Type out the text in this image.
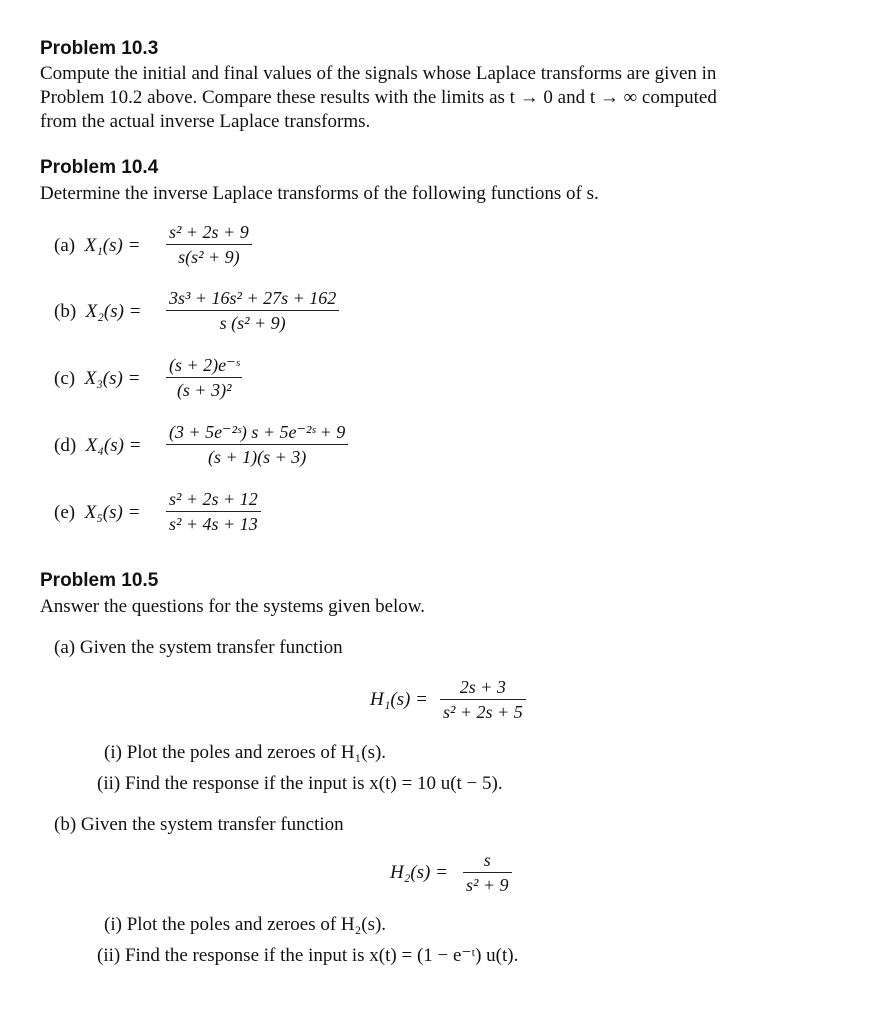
Problem 10.3
Compute the initial and final values of the signals whose Laplace transforms are given in
Problem 10.2 above. Compare these results with the limits as t → 0 and t → ∞ computed
from the actual inverse Laplace transforms.
Problem 10.4
Determine the inverse Laplace transforms of the following functions of s.
(a) X₁(s) =
s² + 2s + 9
s(s² + 9)
(b) X₂(s) =
3s³ + 16s² + 27s + 162
s (s² + 9)
(c) X₃(s) =
(s + 2)e⁻ˢ
(s + 3)²
(d) X₄(s) =
(3 + 5e⁻²ˢ) s + 5e⁻²ˢ + 9
(s + 1)(s + 3)
(e) X₅(s) =
s² + 2s + 12
s² + 4s + 13
Problem 10.5
Answer the questions for the systems given below.
(a) Given the system transfer function
H₁(s) =
2s + 3
s² + 2s + 5
(i) Plot the poles and zeroes of H₁(s).
(ii) Find the response if the input is x(t) = 10 u(t − 5).
(b) Given the system transfer function
H₂(s) =
s
s² + 9
(i) Plot the poles and zeroes of H₂(s).
(ii) Find the response if the input is x(t) = (1 − e⁻ᵗ) u(t).
